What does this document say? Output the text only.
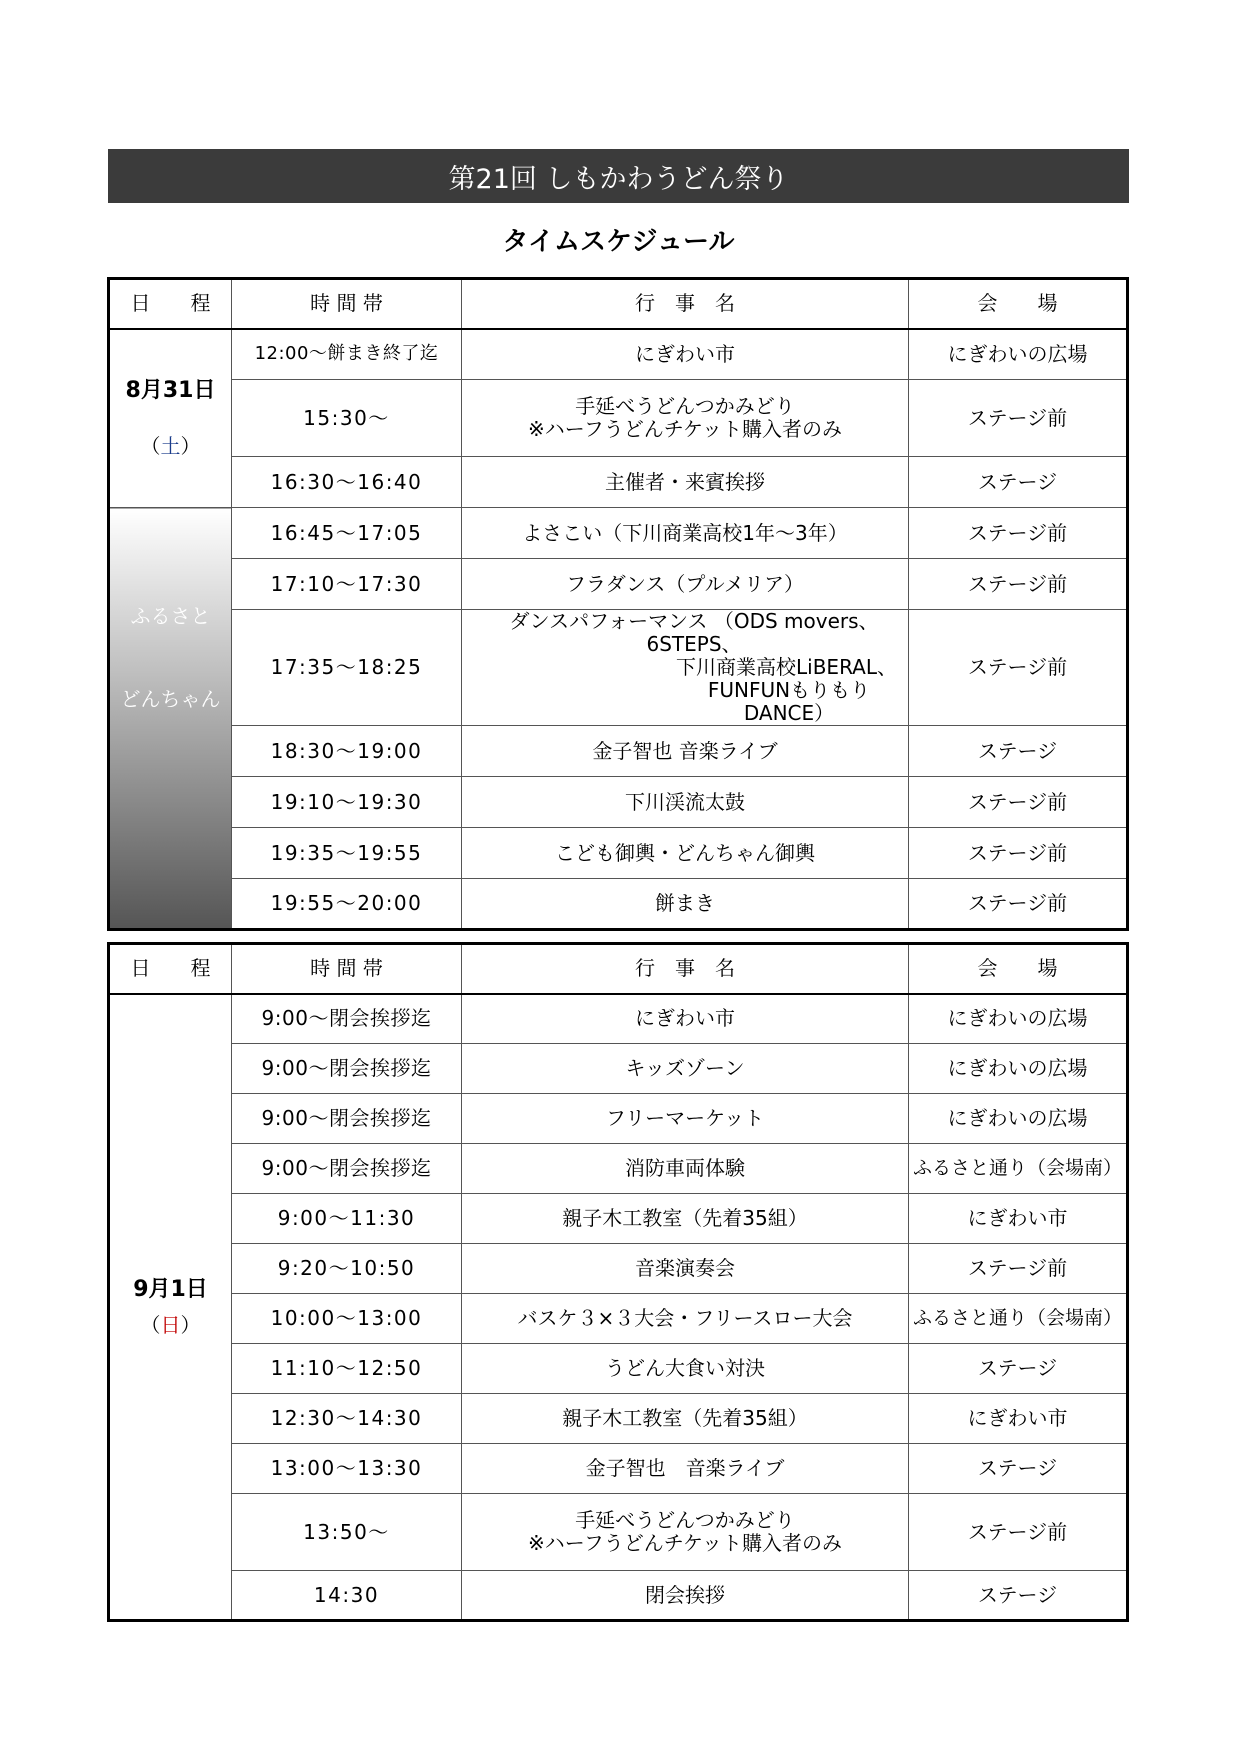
第21回 しもかわうどん祭り
タイムスケジュール
日　　程	時 間 帯	行　事　名	会　　場

8月31日
（土）	12:00～餅まき終了迄	にぎわい市	にぎわいの広場
	15:30～	手延べうどんつかみどり
※ハーフうどんチケット購入者のみ	ステージ前
	16:30～16:40	主催者・来賓挨拶	ステージ

ふるさと
どんちゃん	16:45～17:05	よさこい（下川商業高校1年～3年）	ステージ前
	17:10～17:30	フラダンス（プルメリア）	ステージ前
	17:35～18:25	ダンスパフォーマンス （ODS movers、6STEPS、
下川商業高校LiBERAL、
FUNFUNもりもりDANCE）	ステージ前
	18:30～19:00	金子智也 音楽ライブ	ステージ
	19:10～19:30	下川渓流太鼓	ステージ前
	19:35～19:55	こども御輿・どんちゃん御輿	ステージ前
	19:55～20:00	餅まき	ステージ前
日　　程	時 間 帯	行　事　名	会　　場

9月1日
（日）	9:00～閉会挨拶迄	にぎわい市	にぎわいの広場
	9:00～閉会挨拶迄	キッズゾーン	にぎわいの広場
	9:00～閉会挨拶迄	フリーマーケット	にぎわいの広場
	9:00～閉会挨拶迄	消防車両体験	ふるさと通り（会場南）
	9:00～11:30	親子木工教室（先着35組）	にぎわい市
	9:20～10:50	音楽演奏会	ステージ前
	10:00～13:00	バスケ３×３大会・フリースロー大会	ふるさと通り（会場南）
	11:10～12:50	うどん大食い対決	ステージ
	12:30～14:30	親子木工教室（先着35組）	にぎわい市
	13:00～13:30	金子智也　音楽ライブ	ステージ
	13:50～	手延べうどんつかみどり
※ハーフうどんチケット購入者のみ	ステージ前
	14:30	閉会挨拶	ステージ
